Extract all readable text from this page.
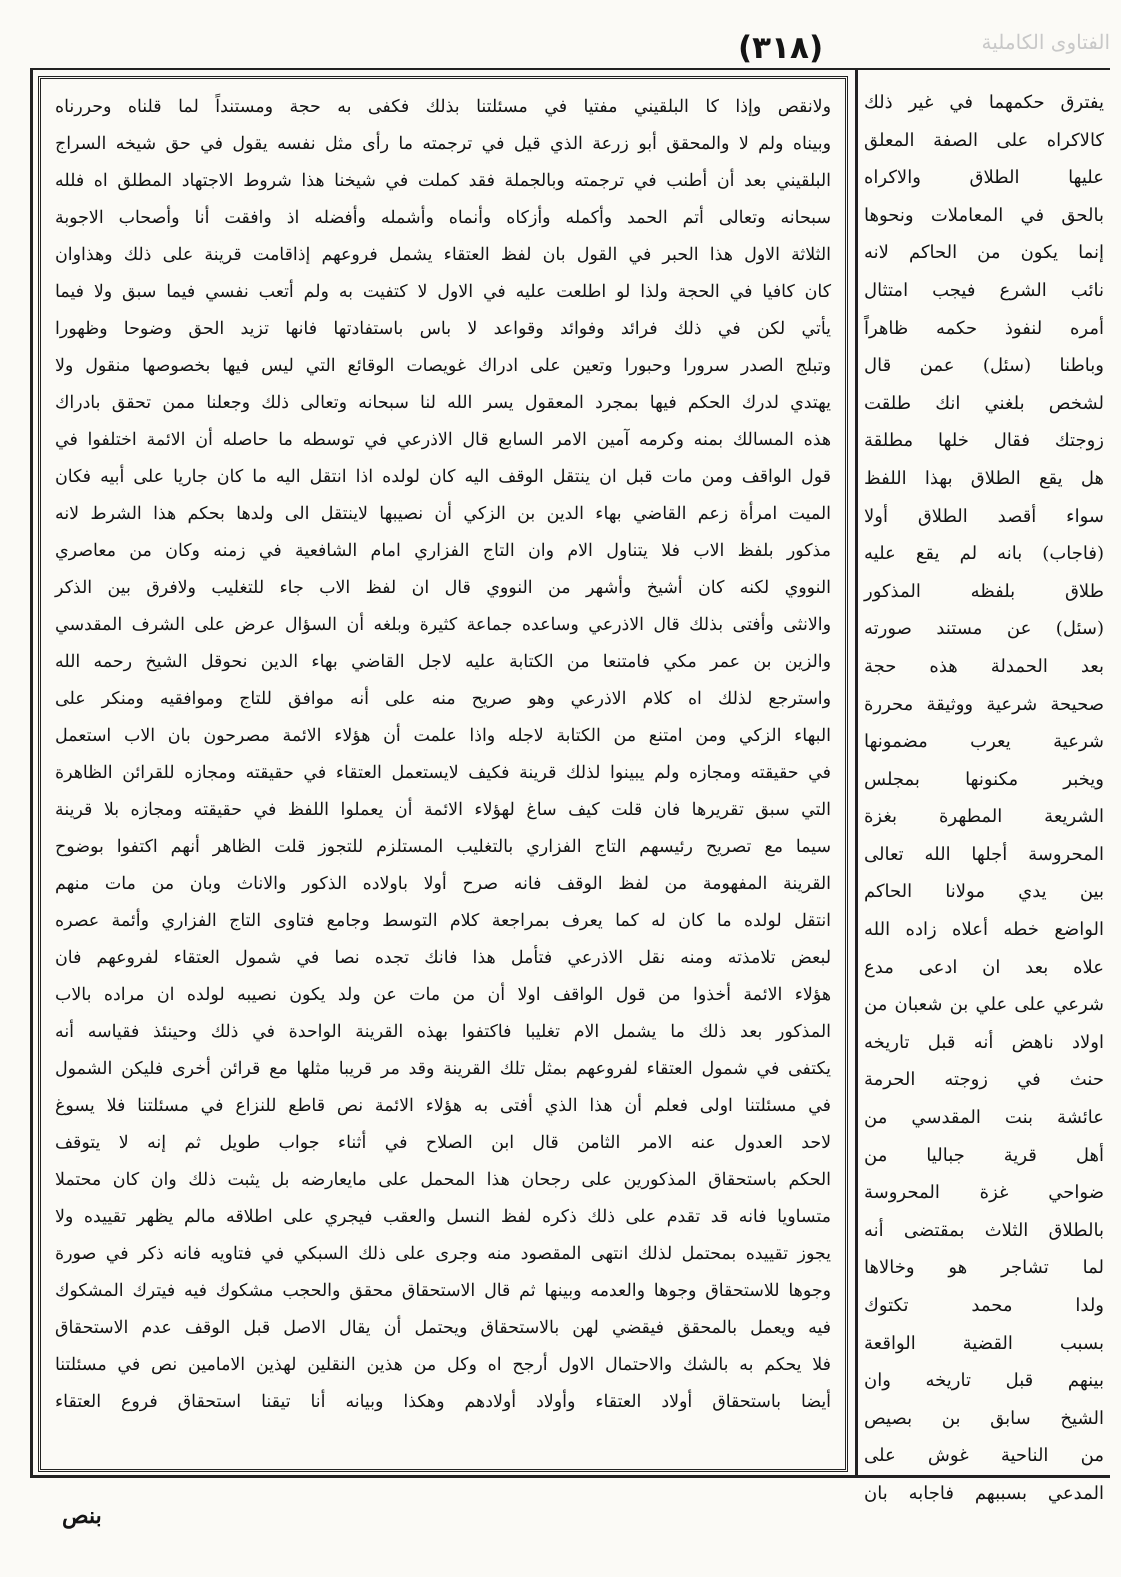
(۳۱۸)	الفتاوى الكاملية
ولانقص وإذا كا البلقيني مفتيا في مسئلتنا بذلك فكفى به حجة ومستنداً لما قلناه وحررناه
وبيناه ولم لا والمحقق أبو زرعة الذي قيل في ترجمته ما رأى مثل نفسه يقول في حق شيخه السراج
البلقيني بعد أن أطنب في ترجمته وبالجملة فقد كملت في شيخنا هذا شروط الاجتهاد المطلق اه فلله
سبحانه وتعالى أتم الحمد وأكمله وأزكاه وأنماه وأشمله وأفضله اذ وافقت أنا وأصحاب الاجوبة
الثلاثة الاول هذا الحبر في القول بان لفظ العتقاء يشمل فروعهم إذاقامت قرينة على ذلك وهذاوان
كان كافيا في الحجة ولذا لو اطلعت عليه في الاول لا كتفيت به ولم أتعب نفسي فيما سبق ولا فيما
يأتي لكن في ذلك فرائد وفوائد وقواعد لا باس باستفادتها فانها تزيد الحق وضوحا وظهورا
وتبلج الصدر سرورا وحبورا وتعين على ادراك غويصات الوقائع التي ليس فيها بخصوصها منقول ولا
يهتدي لدرك الحكم فيها بمجرد المعقول يسر الله لنا سبحانه وتعالى ذلك وجعلنا ممن تحقق بادراك
هذه المسالك بمنه وكرمه آمين الامر السابع قال الاذرعي في توسطه ما حاصله أن الائمة اختلفوا في
قول الواقف ومن مات قبل ان ينتقل الوقف اليه كان لولده اذا انتقل اليه ما كان جاريا على أبيه فكان
الميت امرأة زعم القاضي بهاء الدين بن الزكي أن نصيبها لاينتقل الى ولدها بحكم هذا الشرط لانه
مذكور بلفظ الاب فلا يتناول الام وان التاج الفزاري امام الشافعية في زمنه وكان من معاصري
النووي لكنه كان أشيخ وأشهر من النووي قال ان لفظ الاب جاء للتغليب ولافرق بين الذكر
والانثى وأفتى بذلك قال الاذرعي وساعده جماعة كثيرة وبلغه أن السؤال عرض على الشرف المقدسي
والزين بن عمر مكي فامتنعا من الكتابة عليه لاجل القاضي بهاء الدين نحوقل الشيخ رحمه الله
واسترجع لذلك اه كلام الاذرعي وهو صريح منه على أنه موافق للتاج وموافقيه ومنكر على
البهاء الزكي ومن امتنع من الكتابة لاجله واذا علمت أن هؤلاء الائمة مصرحون بان الاب استعمل
في حقيقته ومجازه ولم يبينوا لذلك قرينة فكيف لايستعمل العتقاء في حقيقته ومجازه للقرائن الظاهرة
التي سبق تقريرها فان قلت كيف ساغ لهؤلاء الائمة أن يعملوا اللفظ في حقيقته ومجازه بلا قرينة
سيما مع تصريح رئيسهم التاج الفزاري بالتغليب المستلزم للتجوز قلت الظاهر أنهم اكتفوا بوضوح
القرينة المفهومة من لفظ الوقف فانه صرح أولا باولاده الذكور والاناث وبان من مات منهم
انتقل لولده ما كان له كما يعرف بمراجعة كلام التوسط وجامع فتاوى التاج الفزاري وأئمة عصره
لبعض تلامذته ومنه نقل الاذرعي فتأمل هذا فانك تجده نصا في شمول العتقاء لفروعهم فان
هؤلاء الائمة أخذوا من قول الواقف اولا أن من مات عن ولد يكون نصيبه لولده ان مراده بالاب
المذكور بعد ذلك ما يشمل الام تغليبا فاكتفوا بهذه القرينة الواحدة في ذلك وحينئذ فقياسه أنه
يكتفى في شمول العتقاء لفروعهم بمثل تلك القرينة وقد مر قريبا مثلها مع قرائن أخرى فليكن الشمول
في مسئلتنا اولى فعلم أن هذا الذي أفتى به هؤلاء الائمة نص قاطع للنزاع في مسئلتنا فلا يسوغ
لاحد العدول عنه الامر الثامن قال ابن الصلاح في أثناء جواب طويل ثم إنه لا يتوقف
الحكم باستحقاق المذكورين على رجحان هذا المحمل على مايعارضه بل يثبت ذلك وان كان محتملا
متساويا فانه قد تقدم على ذلك ذكره لفظ النسل والعقب فيجري على اطلاقه مالم يظهر تقييده ولا
يجوز تقييده بمحتمل لذلك انتهى المقصود منه وجرى على ذلك السبكي في فتاويه فانه ذكر في صورة
وجوها للاستحقاق وجوها والعدمه وبينها ثم قال الاستحقاق محقق والحجب مشكوك فيه فيترك المشكوك
فيه ويعمل بالمحقق فيقضي لهن بالاستحقاق ويحتمل أن يقال الاصل قبل الوقف عدم الاستحقاق
فلا يحكم به بالشك والاحتمال الاول أرجح اه وكل من هذين النقلين لهذين الامامين نص في مسئلتنا
أيضا باستحقاق أولاد العتقاء وأولاد أولادهم وهكذا وبيانه أنا تيقنا استحقاق فروع العتقاء
يفترق حكمهما في غير ذلك
كالاكراه على الصفة المعلق
عليها الطلاق والاكراه
بالحق في المعاملات ونحوها
إنما يكون من الحاكم لانه
نائب الشرع فيجب امتثال
أمره لنفوذ حكمه ظاهراً
وباطنا (سئل) عمن قال
لشخص بلغني انك طلقت
زوجتك فقال خلها مطلقة
هل يقع الطلاق بهذا اللفظ
سواء أقصد الطلاق أولا
(فاجاب) بانه لم يقع عليه
طلاق بلفظه المذكور
(سئل) عن مستند صورته
بعد الحمدلة هذه حجة
صحيحة شرعية ووثيقة محررة
شرعية يعرب مضمونها
ويخبر مكنونها بمجلس
الشريعة المطهرة بغزة
المحروسة أجلها الله تعالى
بين يدي مولانا الحاكم
الواضع خطه أعلاه زاده الله
علاه بعد ان ادعى مدع
شرعي على علي بن شعبان من
اولاد ناهض أنه قبل تاريخه
حنث في زوجته الحرمة
عائشة بنت المقدسي من
أهل قرية جباليا من
ضواحي غزة المحروسة
بالطلاق الثلاث بمقتضى أنه
لما تشاجر هو وخالاها
ولدا محمد تكتوك
بسبب القضية الواقعة
بينهم قبل تاريخه وان
الشيخ سابق بن بصيص
من الناحية غوش على
المدعي بسببهم فاجابه بان
بنص
